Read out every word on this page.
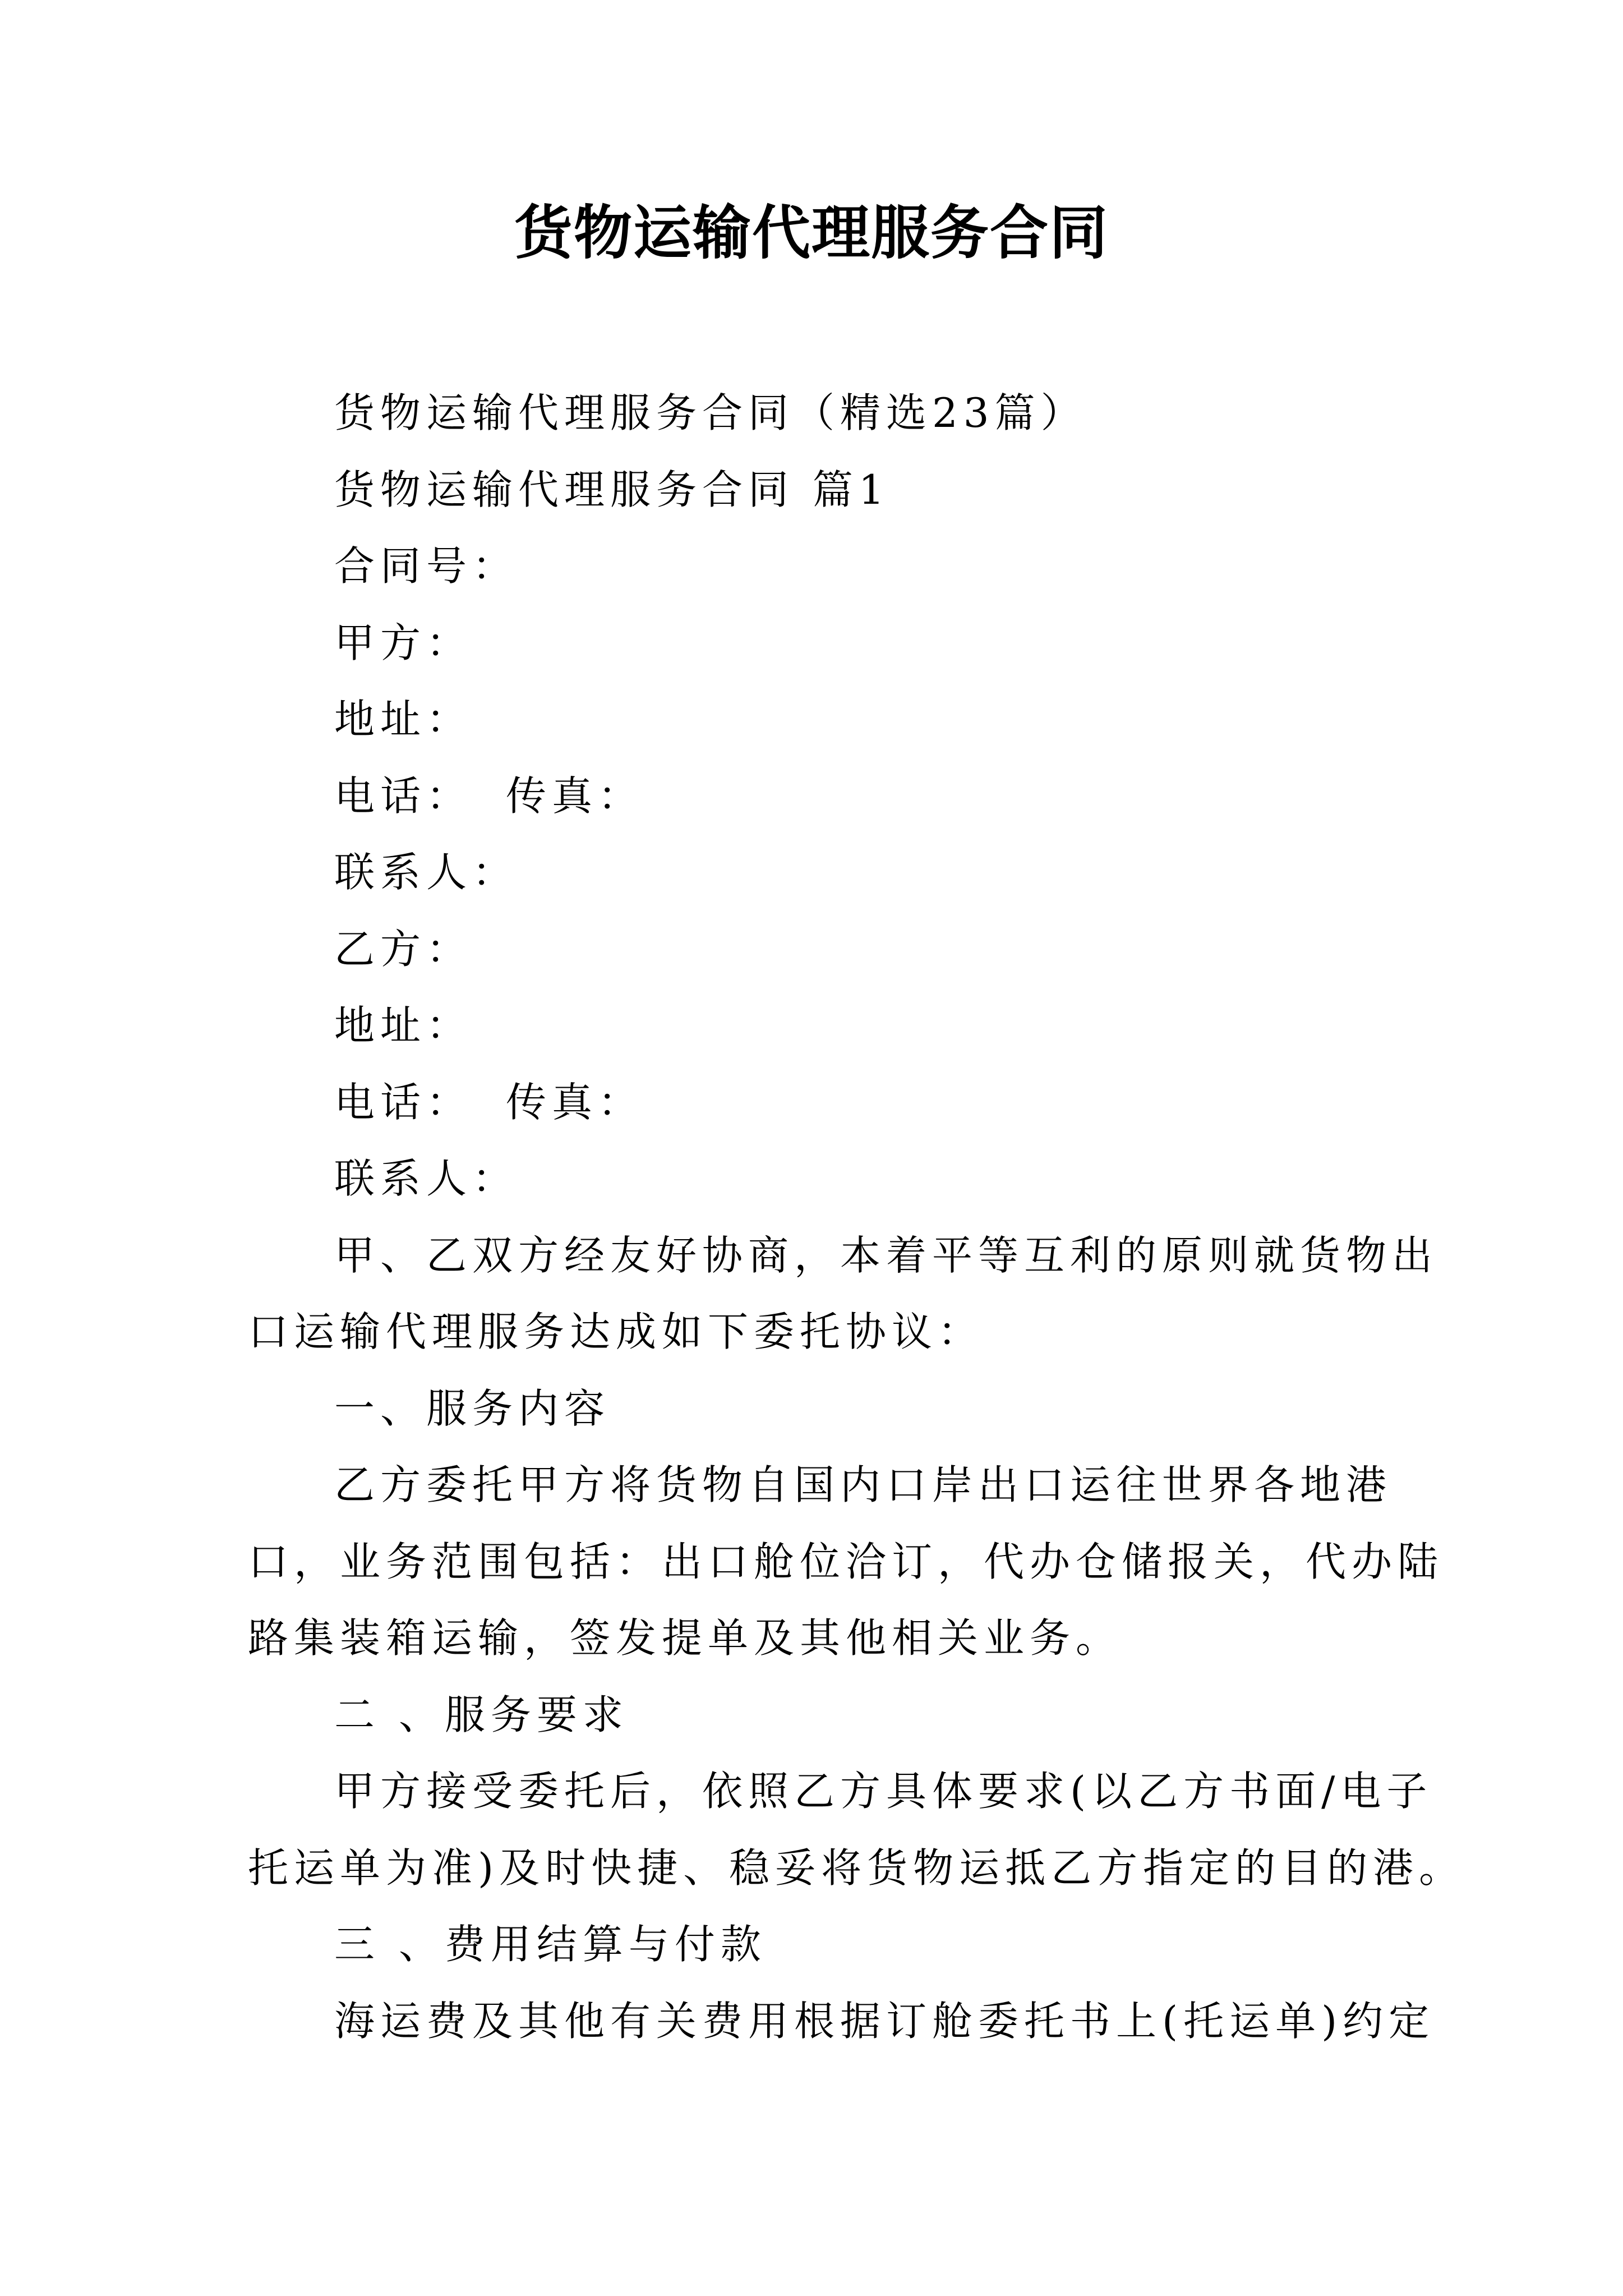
货物运输代理服务合同
货物运输代理服务合同（精选23篇）
货物运输代理服务合同 篇1
合同号：
甲方：
地址：
电话： 传真：
联系人：
乙方：
地址：
电话： 传真：
联系人：
甲、乙双方经友好协商，本着平等互利的原则就货物出
口运输代理服务达成如下委托协议：
一、服务内容
乙方委托甲方将货物自国内口岸出口运往世界各地港
口，业务范围包括：出口舱位洽订，代办仓储报关，代办陆
路集装箱运输，签发提单及其他相关业务。
二 、服务要求
甲方接受委托后，依照乙方具体要求(以乙方书面/电子
托运单为准)及时快捷、稳妥将货物运抵乙方指定的目的港。
三 、费用结算与付款
海运费及其他有关费用根据订舱委托书上(托运单)约定
